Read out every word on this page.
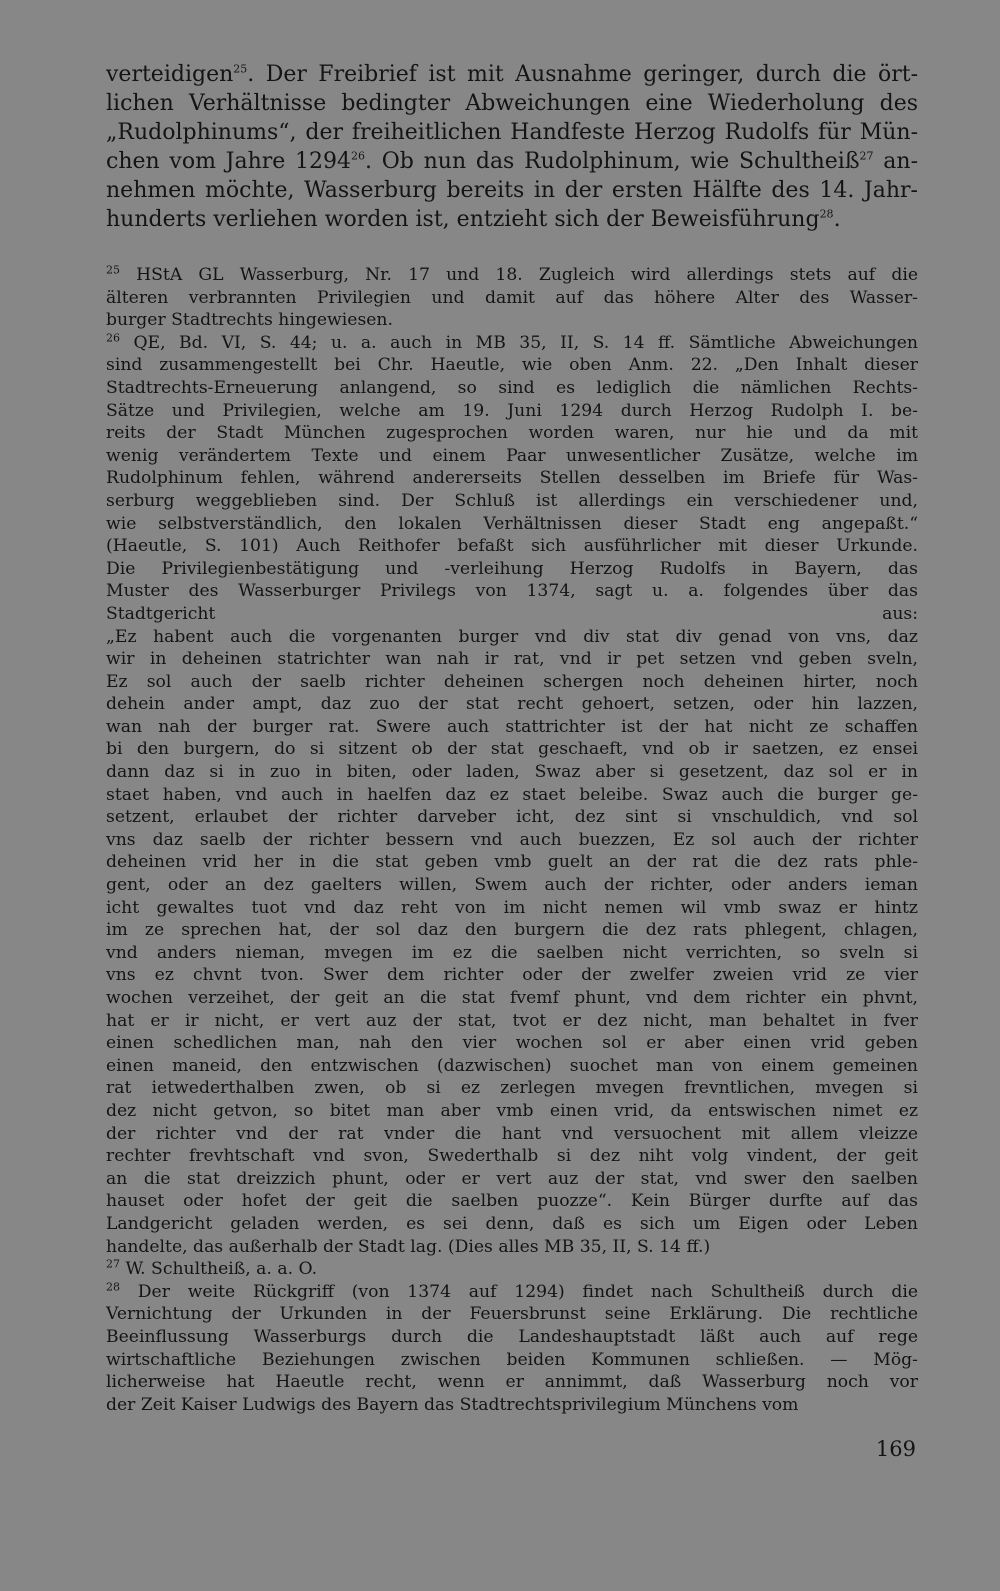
verteidigen$^{25}$. Der Freibrief ist mit Ausnahme geringer, durch die ört-
lichen Verhältnisse bedingter Abweichungen eine Wiederholung des
„Rudolphinums“, der freiheitlichen Handfeste Herzog Rudolfs für Mün-
chen vom Jahre 1294$^{26}$. Ob nun das Rudolphinum, wie Schultheiß$^{27}$ an-
nehmen möchte, Wasserburg bereits in der ersten Hälfte des 14. Jahr-
hunderts verliehen worden ist, entzieht sich der Beweisführung$^{28}$.
$^{25}$ HStA GL Wasserburg, Nr. 17 und 18. Zugleich wird allerdings stets auf die
älteren verbrannten Privilegien und damit auf das höhere Alter des Wasser-
burger Stadtrechts hingewiesen.
$^{26}$ QE, Bd. VI, S. 44; u. a. auch in MB 35, II, S. 14 ff. Sämtliche Abweichungen
sind zusammengestellt bei Chr. Haeutle, wie oben Anm. 22. „Den Inhalt dieser
Stadtrechts-Erneuerung anlangend, so sind es lediglich die nämlichen Rechts-
Sätze und Privilegien, welche am 19. Juni 1294 durch Herzog Rudolph I. be-
reits der Stadt München zugesprochen worden waren, nur hie und da mit
wenig verändertem Texte und einem Paar unwesentlicher Zusätze, welche im
Rudolphinum fehlen, während andererseits Stellen desselben im Briefe für Was-
serburg weggeblieben sind. Der Schluß ist allerdings ein verschiedener und,
wie selbstverständlich, den lokalen Verhältnissen dieser Stadt eng angepaßt.“
(Haeutle, S. 101) Auch Reithofer befaßt sich ausführlicher mit dieser Urkunde.
Die Privilegienbestätigung und -verleihung Herzog Rudolfs in Bayern, das
Muster des Wasserburger Privilegs von 1374, sagt u. a. folgendes über das
Stadtgericht aus:
„Ez habent auch die vorgenanten burger vnd div stat div genad von vns, daz
wir in deheinen statrichter wan nah ir rat, vnd ir pet setzen vnd geben sveln,
Ez sol auch der saelb richter deheinen schergen noch deheinen hirter, noch
dehein ander ampt, daz zuo der stat recht gehoert, setzen, oder hin lazzen,
wan nah der burger rat. Swere auch stattrichter ist der hat nicht ze schaffen
bi den burgern, do si sitzent ob der stat geschaeft, vnd ob ir saetzen, ez ensei
dann daz si in zuo in biten, oder laden, Swaz aber si gesetzent, daz sol er in
staet haben, vnd auch in haelfen daz ez staet beleibe. Swaz auch die burger ge-
setzent, erlaubet der richter darveber icht, dez sint si vnschuldich, vnd sol
vns daz saelb der richter bessern vnd auch buezzen, Ez sol auch der richter
deheinen vrid her in die stat geben vmb guelt an der rat die dez rats phle-
gent, oder an dez gaelters willen, Swem auch der richter, oder anders ieman
icht gewaltes tuot vnd daz reht von im nicht nemen wil vmb swaz er hintz
im ze sprechen hat, der sol daz den burgern die dez rats phlegent, chlagen,
vnd anders nieman, mvegen im ez die saelben nicht verrichten, so sveln si
vns ez chvnt tvon. Swer dem richter oder der zwelfer zweien vrid ze vier
wochen verzeihet, der geit an die stat fvemf phunt, vnd dem richter ein phvnt,
hat er ir nicht, er vert auz der stat, tvot er dez nicht, man behaltet in fver
einen schedlichen man, nah den vier wochen sol er aber einen vrid geben
einen maneid, den entzwischen (dazwischen) suochet man von einem gemeinen
rat ietwederthalben zwen, ob si ez zerlegen mvegen frevntlichen, mvegen si
dez nicht getvon, so bitet man aber vmb einen vrid, da entswischen nimet ez
der richter vnd der rat vnder die hant vnd versuochent mit allem vleizze
rechter frevhtschaft vnd svon, Swederthalb si dez niht volg vindent, der geit
an die stat dreizzich phunt, oder er vert auz der stat, vnd swer den saelben
hauset oder hofet der geit die saelben puozze“. Kein Bürger durfte auf das
Landgericht geladen werden, es sei denn, daß es sich um Eigen oder Leben
handelte, das außerhalb der Stadt lag. (Dies alles MB 35, II, S. 14 ff.)
$^{27}$ W. Schultheiß, a. a. O.
$^{28}$ Der weite Rückgriff (von 1374 auf 1294) findet nach Schultheiß durch die
Vernichtung der Urkunden in der Feuersbrunst seine Erklärung. Die rechtliche
Beeinflussung Wasserburgs durch die Landeshauptstadt läßt auch auf rege
wirtschaftliche Beziehungen zwischen beiden Kommunen schließen. — Mög-
licherweise hat Haeutle recht, wenn er annimmt, daß Wasserburg noch vor
der Zeit Kaiser Ludwigs des Bayern das Stadtrechtsprivilegium Münchens vom
169
